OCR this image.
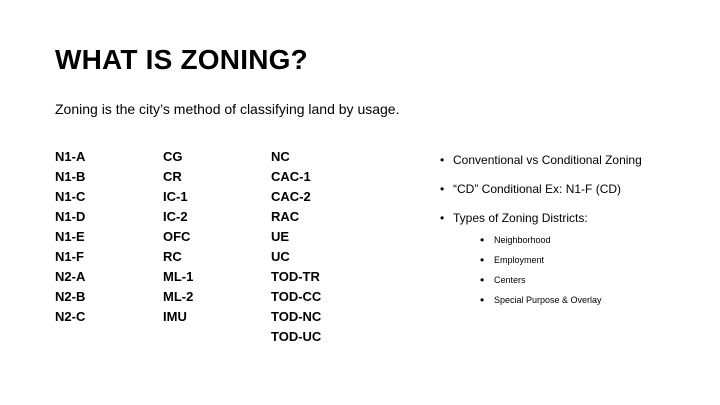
WHAT IS ZONING?
Zoning is the city’s method of classifying land by usage.
N1-A
N1-B
N1-C
N1-D
N1-E
N1-F
N2-A
N2-B
N2-C
CG
CR
IC-1
IC-2
OFC
RC
ML-1
ML-2
IMU
NC
CAC-1
CAC-2
RAC
UE
UC
TOD-TR
TOD-CC
TOD-NC
TOD-UC
• Conventional vs Conditional Zoning
• “CD” Conditional Ex: N1-F (CD)
• Types of Zoning Districts:
• Neighborhood
• Employment
• Centers
• Special Purpose & Overlay
